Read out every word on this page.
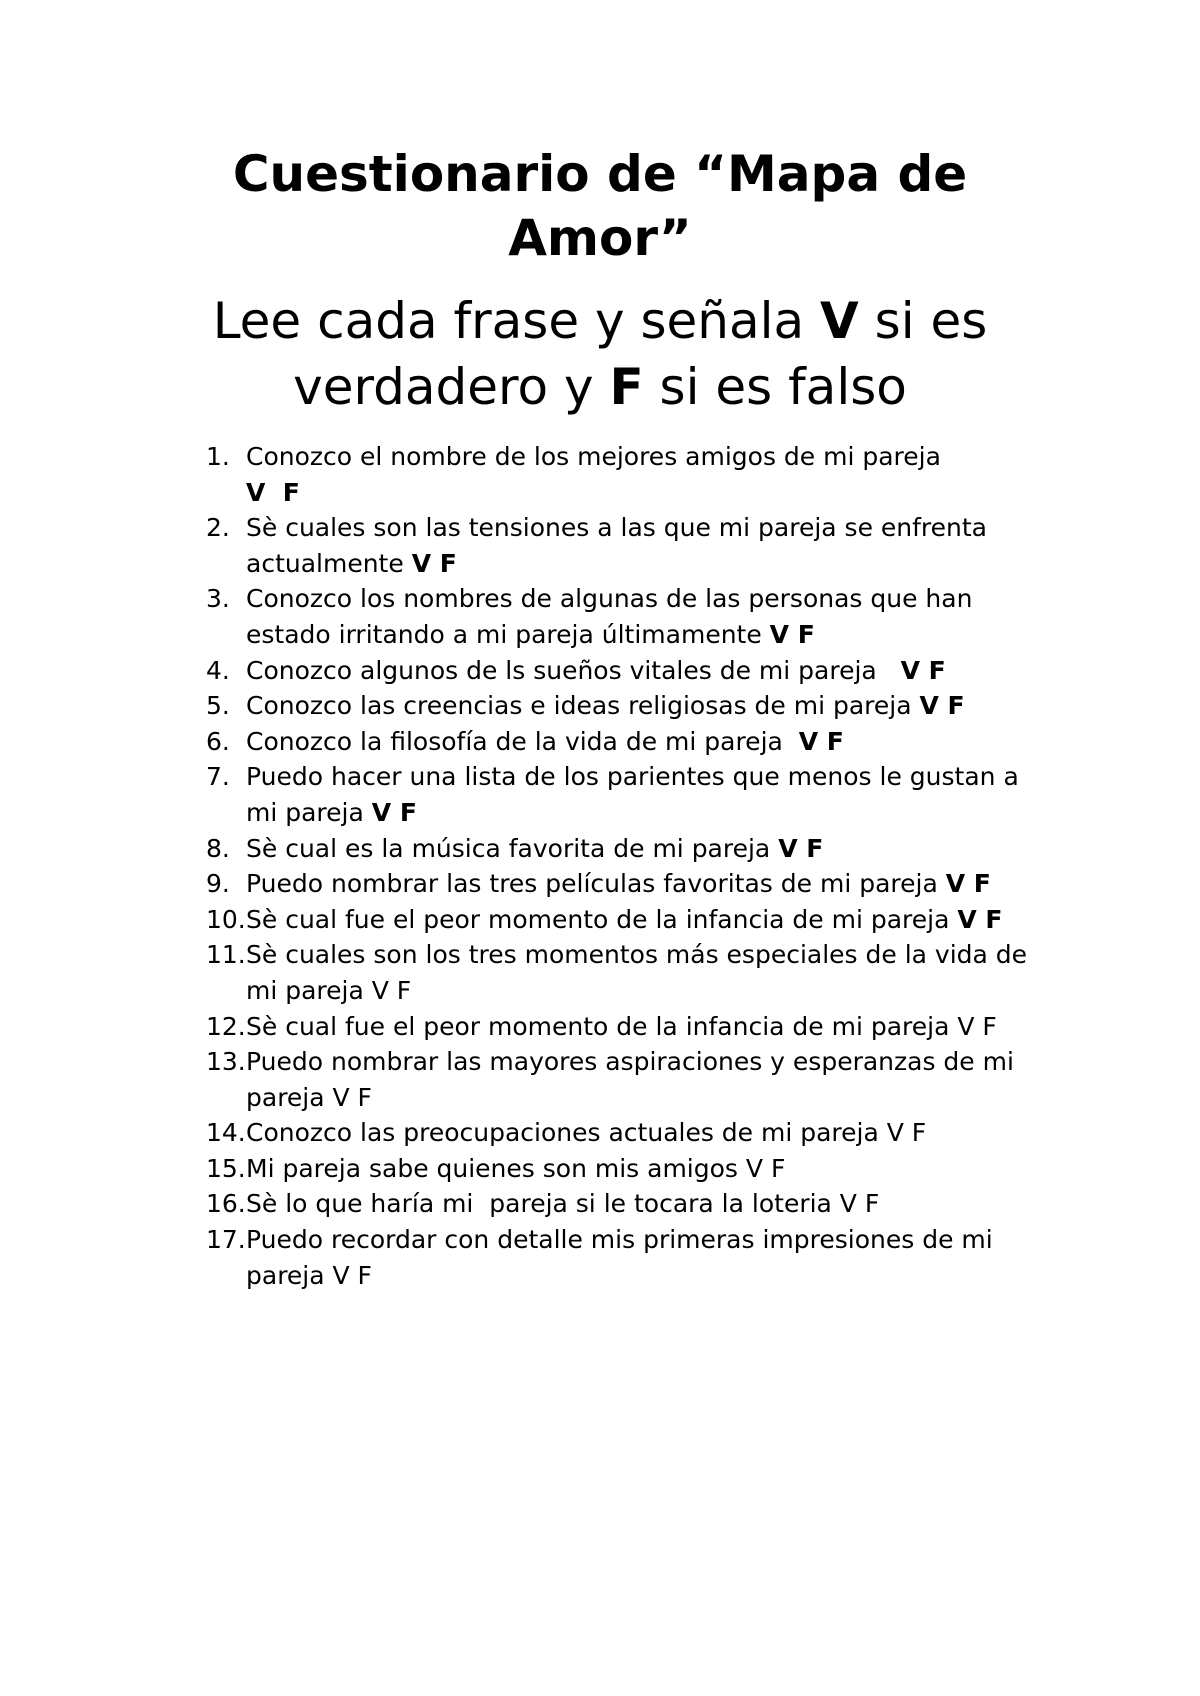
Cuestionario de “Mapa de Amor”

Lee cada frase y señala V si es verdadero y F si es falso

1. Conozco el nombre de los mejores amigos de mi parejaV  F
2. Sè cuales son las tensiones a las que mi pareja se enfrenta actualmente V F
3. Conozco los nombres de algunas de las personas que han estado irritando a mi pareja últimamente V F
4. Conozco algunos de ls sueños vitales de mi pareja   V F
5. Conozco las creencias e ideas religiosas de mi pareja V F
6. Conozco la filosofía de la vida de mi pareja  V F
7. Puedo hacer una lista de los parientes que menos le gustan a mi pareja V F
8. Sè cual es la música favorita de mi pareja V F
9. Puedo nombrar las tres películas favoritas de mi pareja V F
10. Sè cual fue el peor momento de la infancia de mi pareja V F
11. Sè cuales son los tres momentos más especiales de la vida de mi pareja V F
12. Sè cual fue el peor momento de la infancia de mi pareja V F
13. Puedo nombrar las mayores aspiraciones y esperanzas de mi pareja V F
14. Conozco las preocupaciones actuales de mi pareja V F
15. Mi pareja sabe quienes son mis amigos V F
16. Sè lo que haría mi  pareja si le tocara la loteria V F
17. Puedo recordar con detalle mis primeras impresiones de mi pareja V F
